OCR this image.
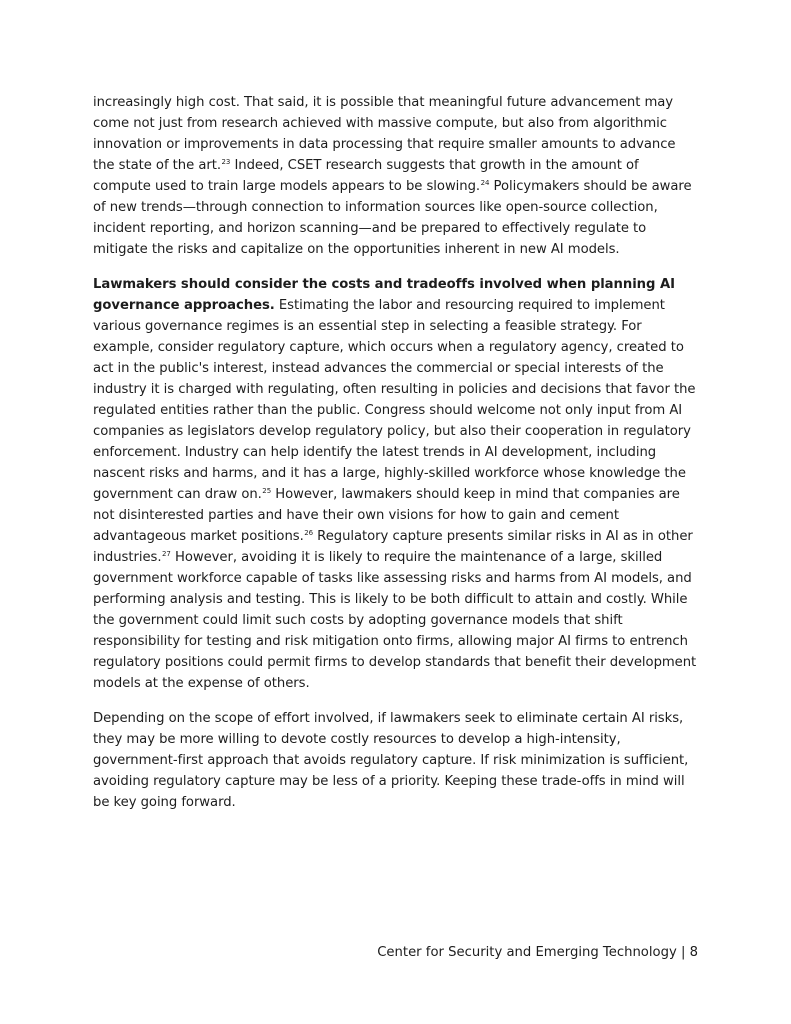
increasingly high cost. That said, it is possible that meaningful future advancement may come not just from research achieved with massive compute, but also from algorithmic innovation or improvements in data processing that require smaller amounts to advance the state of the art.$^{23}$ Indeed, CSET research suggests that growth in the amount of compute used to train large models appears to be slowing.$^{24}$ Policymakers should be aware of new trends—through connection to information sources like open-source collection, incident reporting, and horizon scanning—and be prepared to effectively regulate to mitigate the risks and capitalize on the opportunities inherent in new AI models.

Lawmakers should consider the costs and tradeoffs involved when planning AI governance approaches. Estimating the labor and resourcing required to implement various governance regimes is an essential step in selecting a feasible strategy. For example, consider regulatory capture, which occurs when a regulatory agency, created to act in the public's interest, instead advances the commercial or special interests of the industry it is charged with regulating, often resulting in policies and decisions that favor the regulated entities rather than the public. Congress should welcome not only input from AI companies as legislators develop regulatory policy, but also their cooperation in regulatory enforcement. Industry can help identify the latest trends in AI development, including nascent risks and harms, and it has a large, highly-skilled workforce whose knowledge the government can draw on.$^{25}$ However, lawmakers should keep in mind that companies are not disinterested parties and have their own visions for how to gain and cement advantageous market positions.$^{26}$ Regulatory capture presents similar risks in AI as in other industries.$^{27}$ However, avoiding it is likely to require the maintenance of a large, skilled government workforce capable of tasks like assessing risks and harms from AI models, and performing analysis and testing. This is likely to be both difficult to attain and costly. While the government could limit such costs by adopting governance models that shift responsibility for testing and risk mitigation onto firms, allowing major AI firms to entrench regulatory positions could permit firms to develop standards that benefit their development models at the expense of others.

Depending on the scope of effort involved, if lawmakers seek to eliminate certain AI risks, they may be more willing to devote costly resources to develop a high-intensity, government-first approach that avoids regulatory capture. If risk minimization is sufficient, avoiding regulatory capture may be less of a priority. Keeping these trade-offs in mind will be key going forward.

Center for Security and Emerging Technology | 8
